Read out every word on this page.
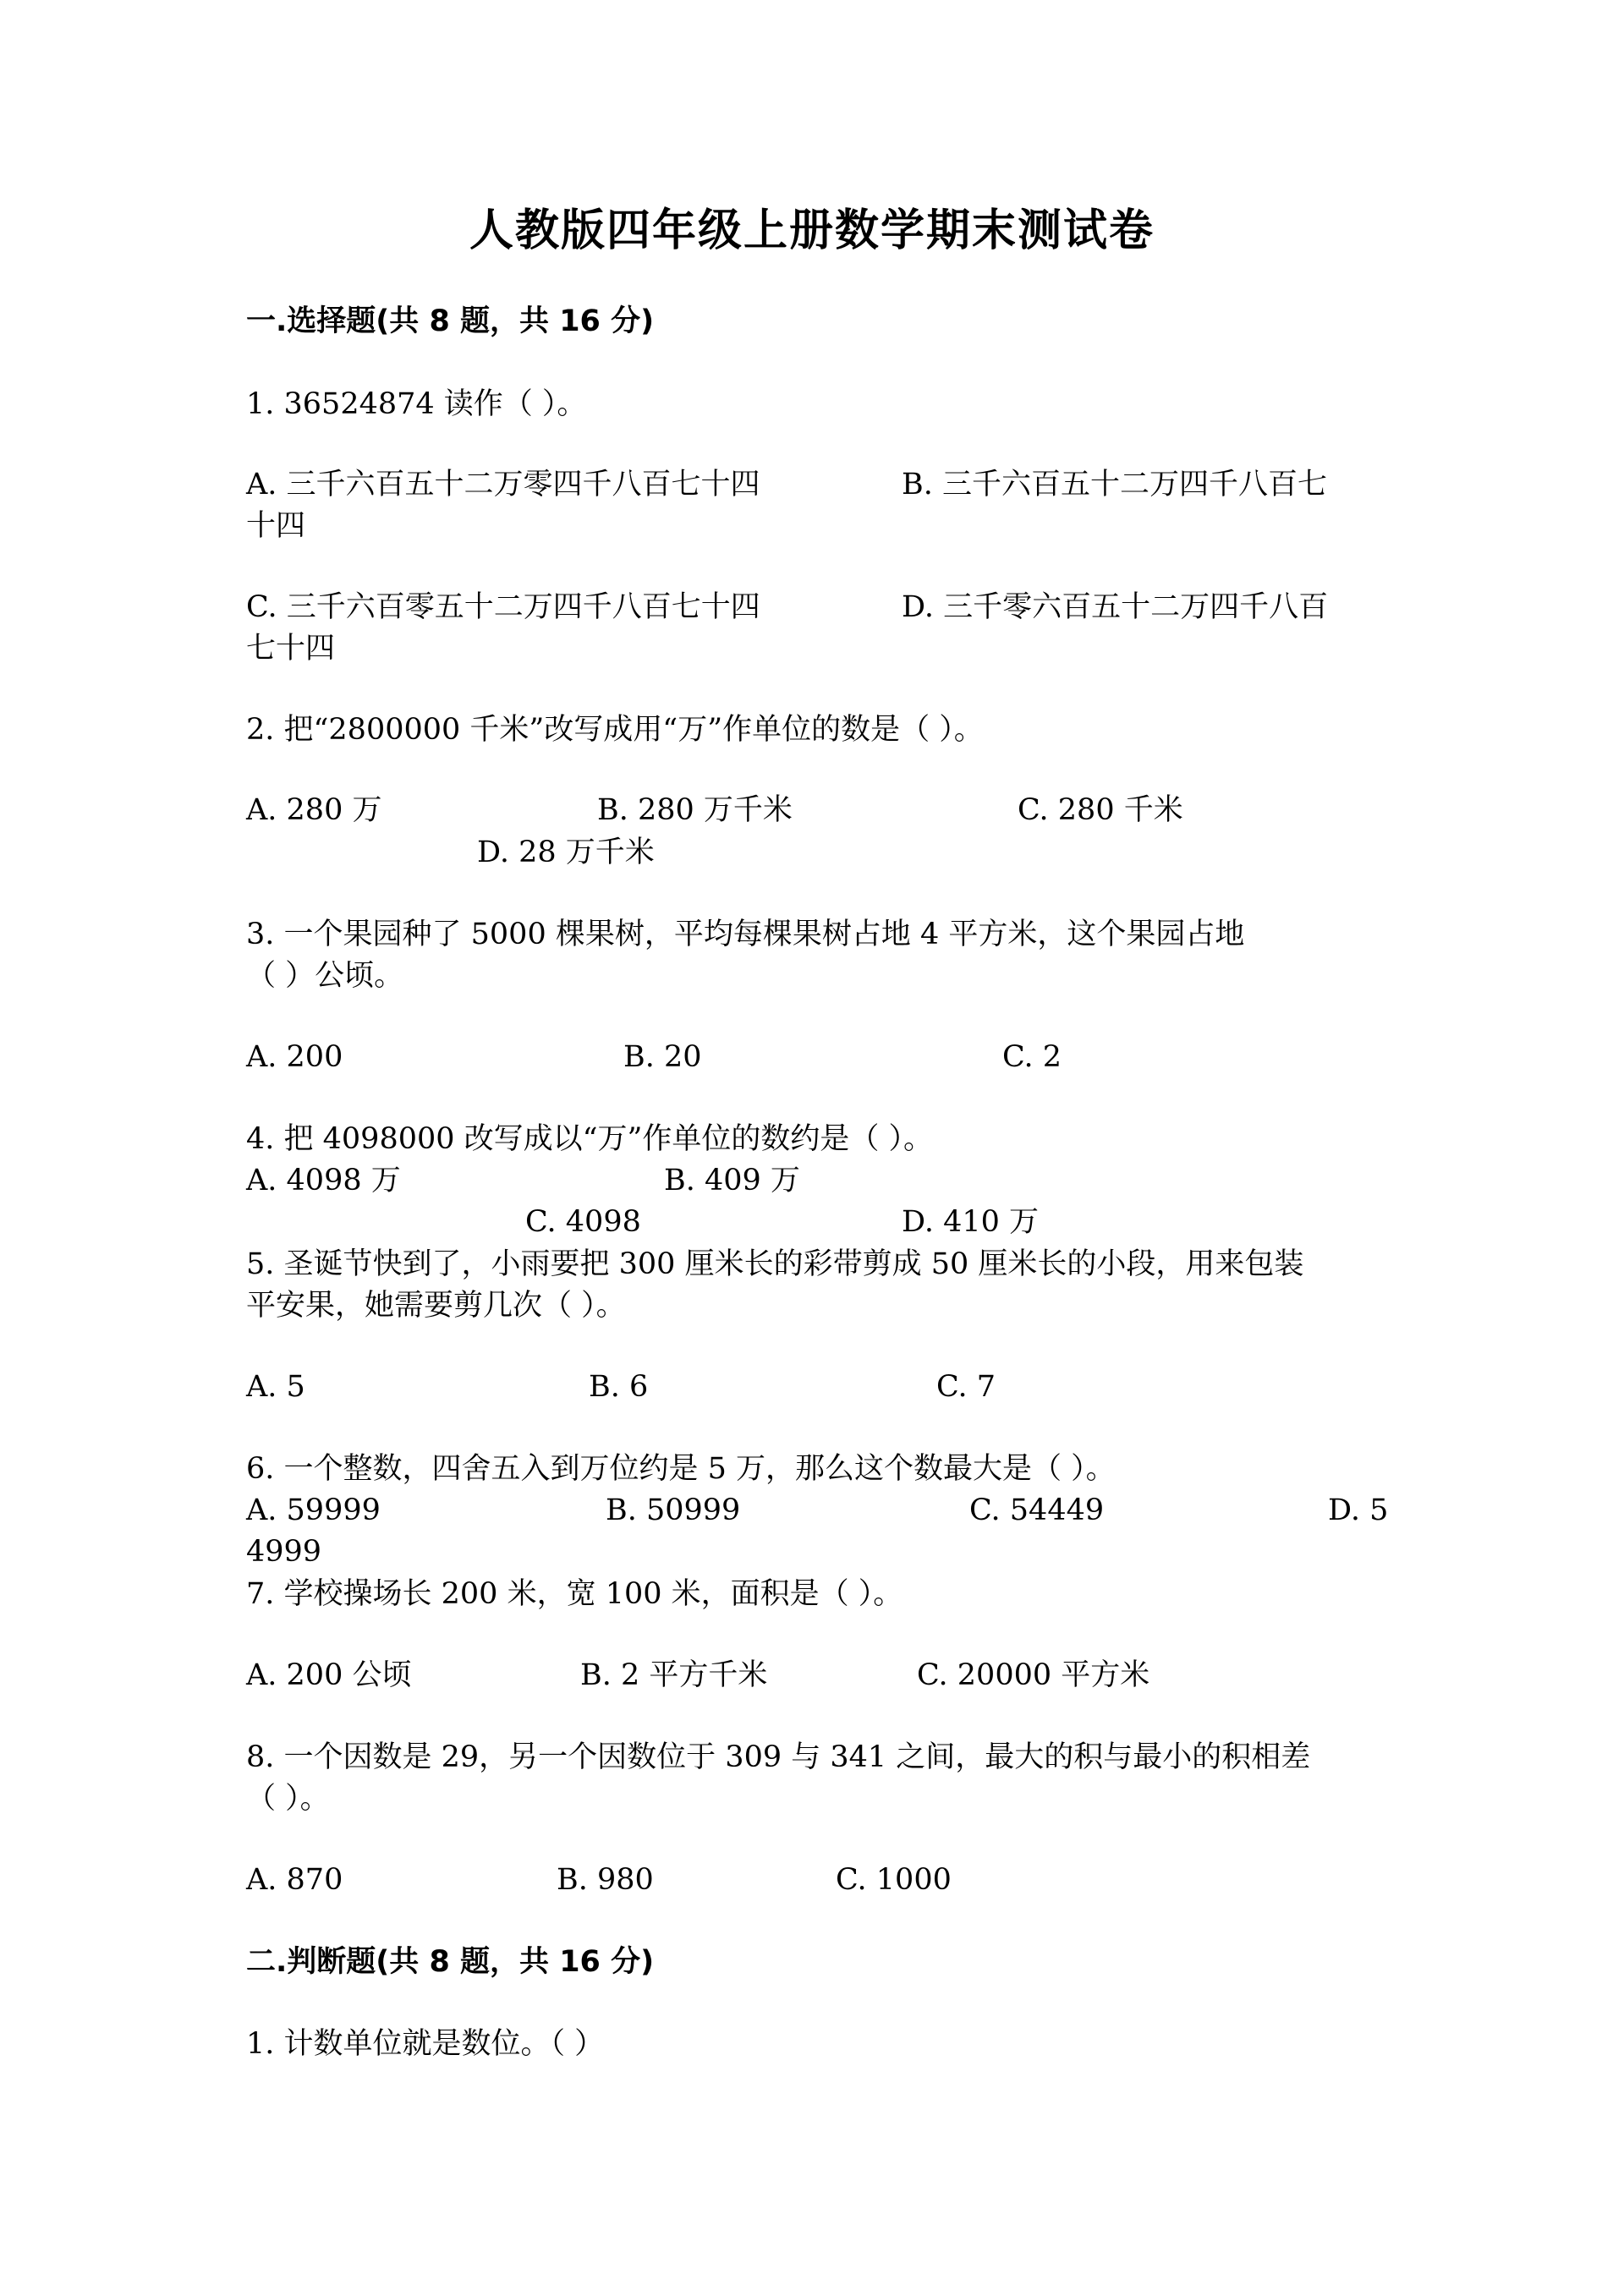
人教版四年级上册数学期末测试卷
一.选择题(共 8 题，共 16 分)
1. 36524874 读作（ ）。
A. 三千六百五十二万零四千八百七十四	B. 三千六百五十二万四千八百七
十四
C. 三千六百零五十二万四千八百七十四	D. 三千零六百五十二万四千八百
七十四
2. 把“2800000 千米”改写成用“万”作单位的数是（ ）。
A. 280 万	B. 280 万千米	C. 280 千米
D. 28 万千米
3. 一个果园种了 5000 棵果树，平均每棵果树占地 4 平方米，这个果园占地
（ ）公顷。
A. 200	B. 20	C. 2
4. 把 4098000 改写成以“万”作单位的数约是（ ）。
A. 4098 万	B. 409 万
C. 4098	D. 410 万
5. 圣诞节快到了，小雨要把 300 厘米长的彩带剪成 50 厘米长的小段，用来包装
平安果，她需要剪几次（ ）。
A. 5	B. 6	C. 7
6. 一个整数，四舍五入到万位约是 5 万，那么这个数最大是（ ）。
A. 59999	B. 50999	C. 54449	D. 5
4999
7. 学校操场长 200 米，宽 100 米，面积是（ ）。
A. 200 公顷	B. 2 平方千米	C. 20000 平方米
8. 一个因数是 29，另一个因数位于 309 与 341 之间，最大的积与最小的积相差
（ ）。
A. 870	B. 980	C. 1000
二.判断题(共 8 题，共 16 分)
1. 计数单位就是数位。（ ）
